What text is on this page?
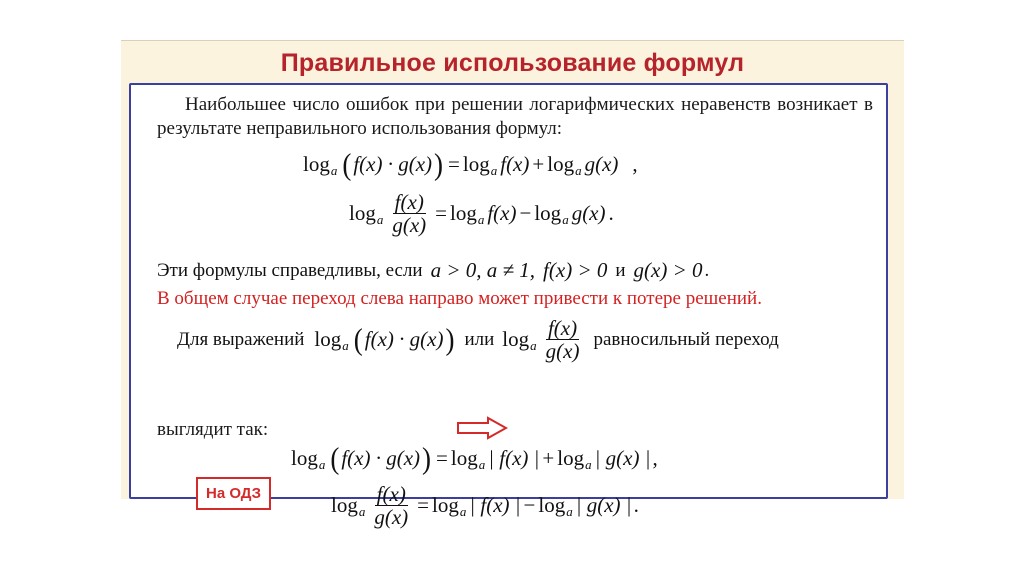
Правильное использование формул
Наибольшее число ошибок при решении логарифмических неравенств возникает в результате неправильного использования формул:
log a ( f(x) · g(x) ) = log a f(x) + log a g(x) ,
log a $\frac{f(x)}{g(x)} = \log a$ f(x) − log a g(x) .
Эти формулы справедливы, если a > 0, a ≠ 1, f(x) > 0 и g(x) > 0 .
В общем случае переход слева направо может привести к потере решений.
Для выражений log a ( f(x) · g(x) ) или log a $\frac{f(x)}{g(x)}$ равносильный переход
выглядит так:
log a ( f(x) · g(x) ) = log a | f(x) | + log a | g(x) | ,
log a $\frac{f(x)}{g(x)} = \log a$ | f(x) | − log a | g(x) | .
На ОДЗ
